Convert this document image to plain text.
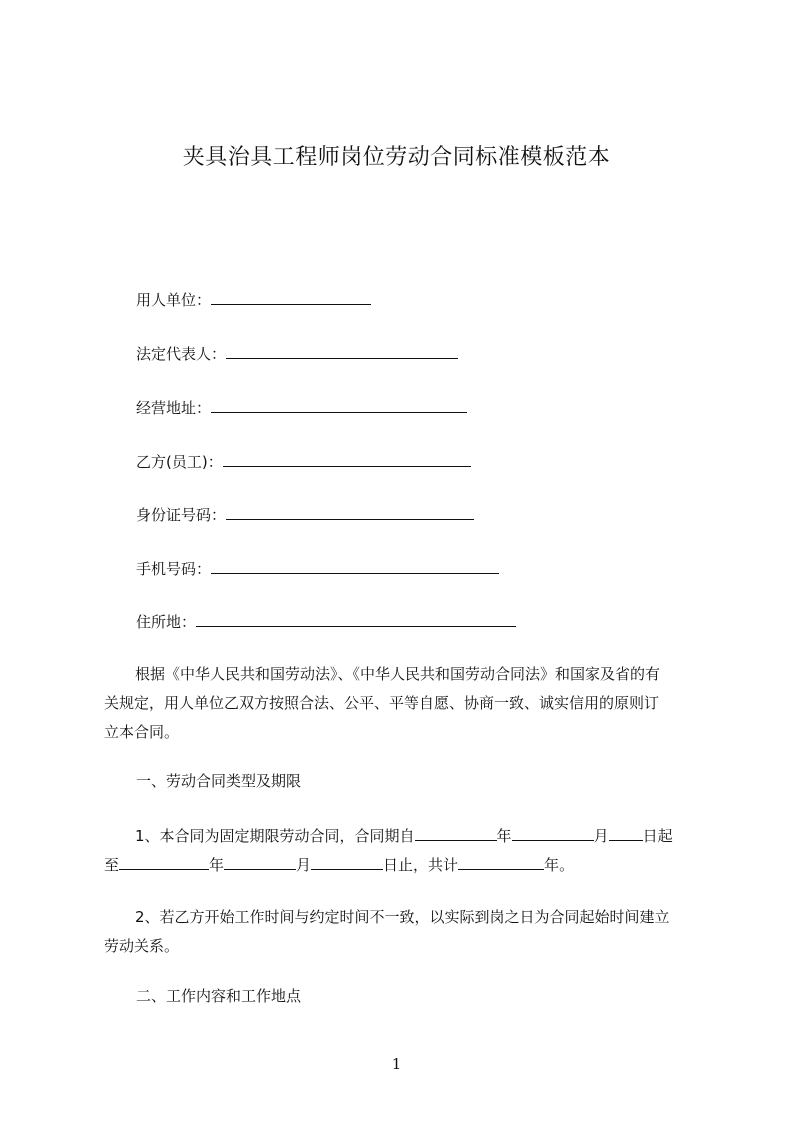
夹具治具工程师岗位劳动合同标准模板范本
用人单位：
法定代表人：
经营地址：
乙方(员工)：
身份证号码：
手机号码：
住所地：
　根据《中华人民共和国劳动法》、《中华人民共和国劳动合同法》和国家及省的有
关规定，用人单位乙双方按照合法、公平、平等自愿、协商一致、诚实信用的原则订
立本合同。
一、劳动合同类型及期限
　1、本合同为固定期限劳动合同，合同期自	年	月 日起
至	年	月	日止，共计	年。
　2、若乙方开始工作时间与约定时间不一致，以实际到岗之日为合同起始时间建立
劳动关系。
二、工作内容和工作地点
1
